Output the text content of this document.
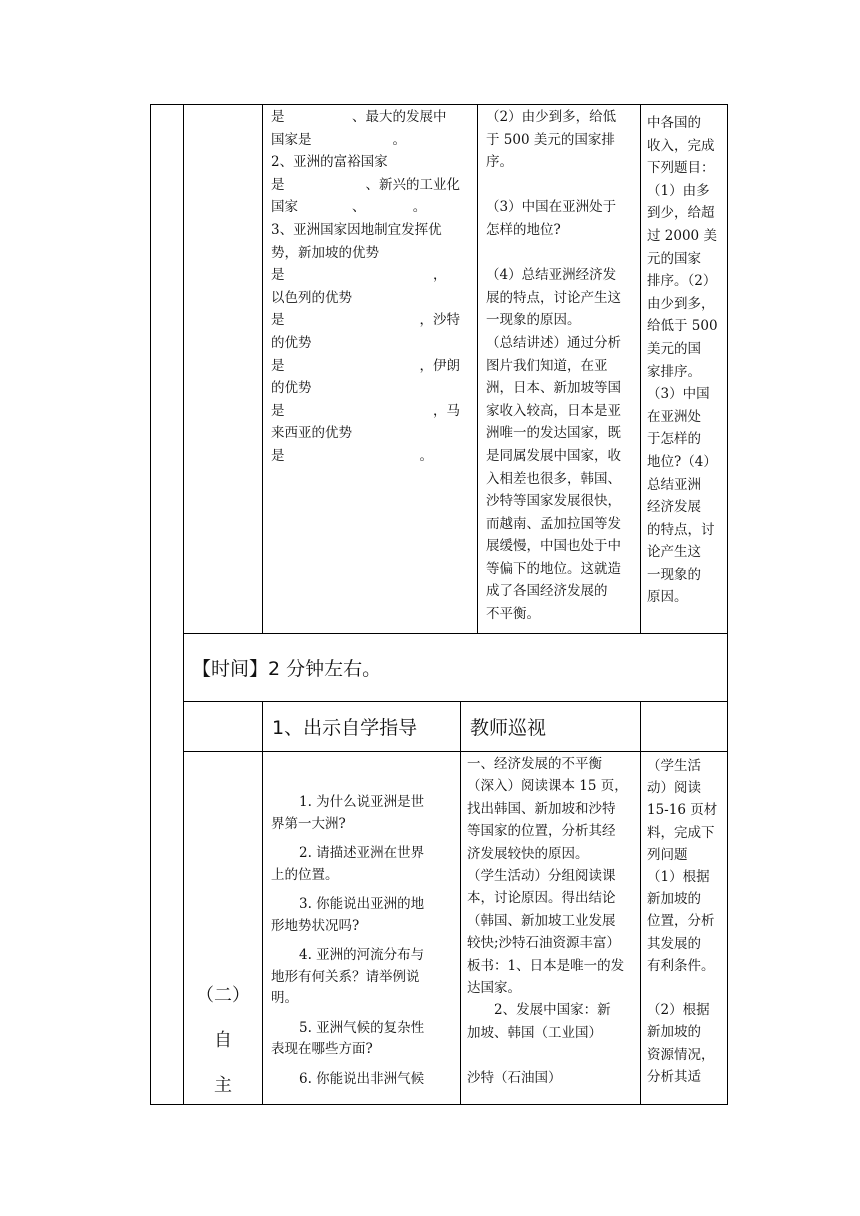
是　　　　　、最大的发展中
国家是　　　　　　。
2、亚洲的富裕国家
是　　　　　　、新兴的工业化
国家　　　　、　　　　。
3、亚洲国家因地制宜发挥优
势，新加坡的优势
是　　　　　　　　　　　，
以色列的优势
是　　　　　　　　　　，沙特
的优势
是　　　　　　　　　　，伊朗
的优势
是　　　　　　　　　　　，马
来西亚的优势
是　　　　　　　　　　。
（2）由少到多，给低
于 500 美元的国家排
序。

（3）中国在亚洲处于
怎样的地位?

（4）总结亚洲经济发
展的特点，讨论产生这
一现象的原因。
（总结讲述）通过分析
图片我们知道，在亚
洲，日本、新加坡等国
家收入较高，日本是亚
洲唯一的发达国家，既
是同属发展中国家，收
入相差也很多，韩国、
沙特等国家发展很快，
而越南、孟加拉国等发
展缓慢，中国也处于中
等偏下的地位。这就造
成了各国经济发展的
不平衡。
中各国的
收入，完成
下列题目：
（1）由多
到少，给超
过 2000 美
元的国家
排序。（2）
由少到多，
给低于 500
美元的国
家排序。
（3）中国
在亚洲处
于怎样的
地位?（4）
总结亚洲
经济发展
的特点，讨
论产生这
一现象的
原因。
【时间】2 分钟左右。
1、出示自学指导	教师巡视
（二）
自
主
1. 为什么说亚洲是世
界第一大洲?
2. 请描述亚洲在世界
上的位置。
3. 你能说出亚洲的地
形地势状况吗?
4. 亚洲的河流分布与
地形有何关系？请举例说
明。
5. 亚洲气候的复杂性
表现在哪些方面?
6. 你能说出非洲气候
一、经济发展的不平衡
（深入）阅读课本 15 页，
找出韩国、新加坡和沙特
等国家的位置，分析其经
济发展较快的原因。
（学生活动）分组阅读课
本，讨论原因。得出结论
（韩国、新加坡工业发展
较快;沙特石油资源丰富）
板书：1、日本是唯一的发
达国家。
　　2、发展中国家：新
加坡、韩国（工业国）

沙特（石油国）
（学生活
动）阅读
15-16 页材
料，完成下
列问题
（1）根据
新加坡的
位置，分析
其发展的
有利条件。

（2）根据
新加坡的
资源情况，
分析其适
